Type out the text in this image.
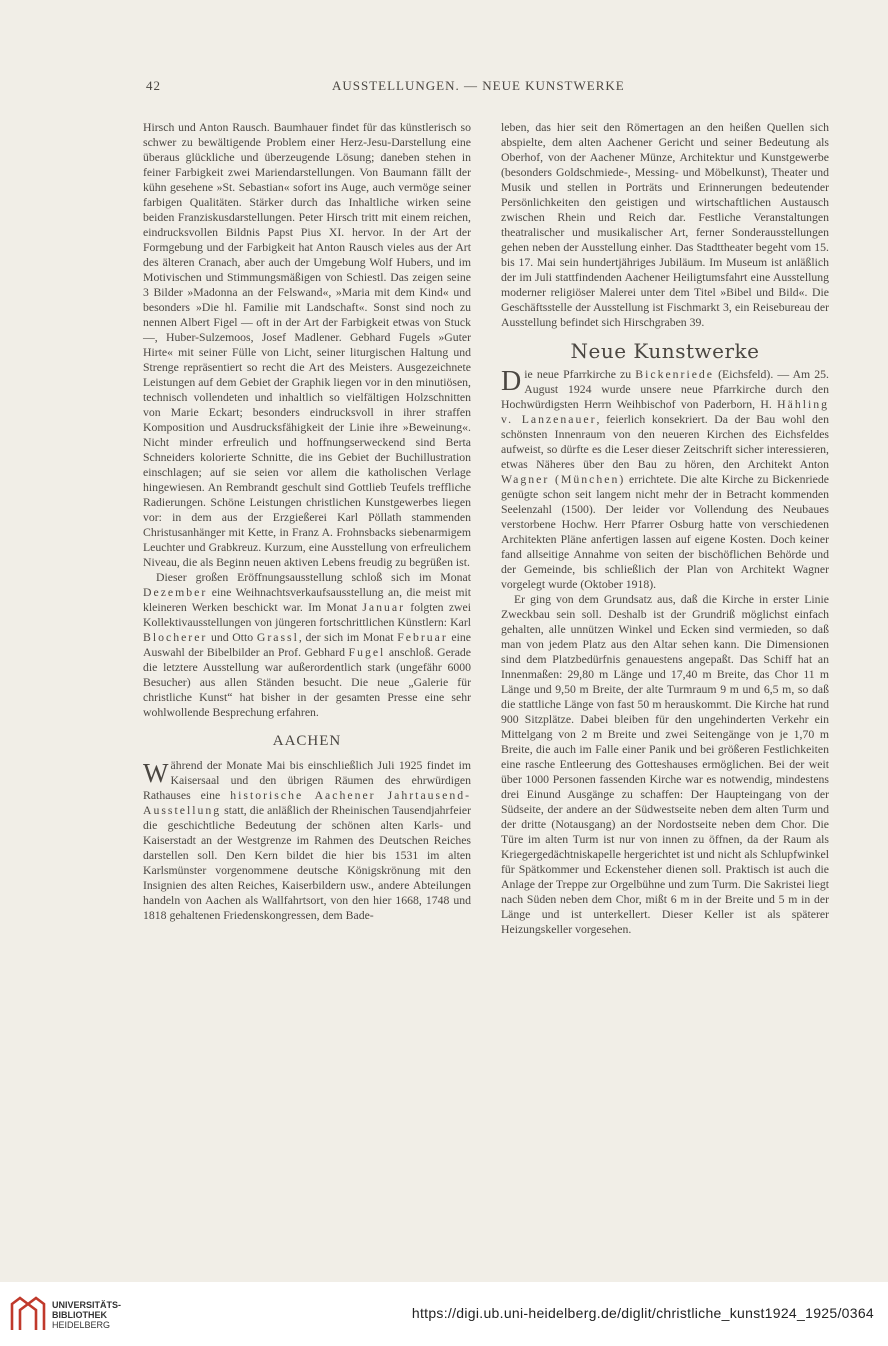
42	AUSSTELLUNGEN. — NEUE KUNSTWERKE

Hirsch und Anton Rausch. Baumhauer findet für das künstlerisch so schwer zu bewältigende Problem einer Herz-Jesu-Darstellung eine überaus glückliche und überzeugende Lösung; daneben stehen in feiner Farbigkeit zwei Mariendarstellungen. Von Baumann fällt der kühn gesehene »St. Sebastian« sofort ins Auge, auch vermöge seiner farbigen Qualitäten. Stärker durch das Inhaltliche wirken seine beiden Franziskusdarstellungen. Peter Hirsch tritt mit einem reichen, eindrucksvollen Bildnis Papst Pius XI. hervor. In der Art der Formgebung und der Farbigkeit hat Anton Rausch vieles aus der Art des älteren Cranach, aber auch der Umgebung Wolf Hubers, und im Motivischen und Stimmungsmäßigen von Schiestl. Das zeigen seine 3 Bilder »Madonna an der Felswand«, »Maria mit dem Kind« und besonders »Die hl. Familie mit Landschaft«. Sonst sind noch zu nennen Albert Figel — oft in der Art der Farbigkeit etwas von Stuck —, Huber-Sulzemoos, Josef Madlener. Gebhard Fugels »Guter Hirte« mit seiner Fülle von Licht, seiner liturgischen Haltung und Strenge repräsentiert so recht die Art des Meisters. Ausgezeichnete Leistungen auf dem Gebiet der Graphik liegen vor in den minutiösen, technisch vollendeten und inhaltlich so vielfältigen Holzschnitten von Marie Eckart; besonders eindrucksvoll in ihrer straffen Komposition und Ausdrucksfähigkeit der Linie ihre »Beweinung«. Nicht minder erfreulich und hoffnungserweckend sind Berta Schneiders kolorierte Schnitte, die ins Gebiet der Buchillustration einschlagen; auf sie seien vor allem die katholischen Verlage hingewiesen. An Rembrandt geschult sind Gottlieb Teufels treffliche Radierungen. Schöne Leistungen christlichen Kunstgewerbes liegen vor: in dem aus der Erzgießerei Karl Pöllath stammenden Christusanhänger mit Kette, in Franz A. Frohnsbacks siebenarmigem Leuchter und Grabkreuz. Kurzum, eine Ausstellung von erfreulichem Niveau, die als Beginn neuen aktiven Lebens freudig zu begrüßen ist.

Dieser großen Eröffnungsausstellung schloß sich im Monat Dezember eine Weihnachtsverkaufsausstellung an, die meist mit kleineren Werken beschickt war. Im Monat Januar folgten zwei Kollektivausstellungen von jüngeren fortschrittlichen Künstlern: Karl Blocherer und Otto Grassl, der sich im Monat Februar eine Auswahl der Bibelbilder an Prof. Gebhard Fugel anschloß. Gerade die letztere Ausstellung war außerordentlich stark (ungefähr 6000 Besucher) aus allen Ständen besucht. Die neue „Galerie für christliche Kunst“ hat bisher in der gesamten Presse eine sehr wohlwollende Besprechung erfahren.

AACHEN

Während der Monate Mai bis einschließlich Juli 1925 findet im Kaisersaal und den übrigen Räumen des ehrwürdigen Rathauses eine historische Aachener Jahrtausend-Ausstellung statt, die anläßlich der Rheinischen Tausendjahrfeier die geschichtliche Bedeutung der schönen alten Karls- und Kaiserstadt an der Westgrenze im Rahmen des Deutschen Reiches darstellen soll. Den Kern bildet die hier bis 1531 im alten Karlsmünster vorgenommene deutsche Königskrönung mit den Insignien des alten Reiches, Kaiserbildern usw., andere Abteilungen handeln von Aachen als Wallfahrtsort, von den hier 1668, 1748 und 1818 gehaltenen Friedenskongressen, dem Bade-

leben, das hier seit den Römertagen an den heißen Quellen sich abspielte, dem alten Aachener Gericht und seiner Bedeutung als Oberhof, von der Aachener Münze, Architektur und Kunstgewerbe (besonders Goldschmiede-, Messing- und Möbelkunst), Theater und Musik und stellen in Porträts und Erinnerungen bedeutender Persönlichkeiten den geistigen und wirtschaftlichen Austausch zwischen Rhein und Reich dar. Festliche Veranstaltungen theatralischer und musikalischer Art, ferner Sonderausstellungen gehen neben der Ausstellung einher. Das Stadttheater begeht vom 15. bis 17. Mai sein hundertjähriges Jubiläum. Im Museum ist anläßlich der im Juli stattfindenden Aachener Heiligtumsfahrt eine Ausstellung moderner religiöser Malerei unter dem Titel »Bibel und Bild«. Die Geschäftsstelle der Ausstellung ist Fischmarkt 3, ein Reisebureau der Ausstellung befindet sich Hirschgraben 39.

Neue Kunstwerke

Die neue Pfarrkirche zu Bickenriede (Eichsfeld). — Am 25. August 1924 wurde unsere neue Pfarrkirche durch den Hochwürdigsten Herrn Weihbischof von Paderborn, H. Hähling v. Lanzenauer, feierlich konsekriert. Da der Bau wohl den schönsten Innenraum von den neueren Kirchen des Eichsfeldes aufweist, so dürfte es die Leser dieser Zeitschrift sicher interessieren, etwas Näheres über den Bau zu hören, den Architekt Anton Wagner (München) errichtete. Die alte Kirche zu Bickenriede genügte schon seit langem nicht mehr der in Betracht kommenden Seelenzahl (1500). Der leider vor Vollendung des Neubaues verstorbene Hochw. Herr Pfarrer Osburg hatte von verschiedenen Architekten Pläne anfertigen lassen auf eigene Kosten. Doch keiner fand allseitige Annahme von seiten der bischöflichen Behörde und der Gemeinde, bis schließlich der Plan von Architekt Wagner vorgelegt wurde (Oktober 1918).

Er ging von dem Grundsatz aus, daß die Kirche in erster Linie Zweckbau sein soll. Deshalb ist der Grundriß möglichst einfach gehalten, alle unnützen Winkel und Ecken sind vermieden, so daß man von jedem Platz aus den Altar sehen kann. Die Dimensionen sind dem Platzbedürfnis genauestens angepaßt. Das Schiff hat an Innenmaßen: 29,80 m Länge und 17,40 m Breite, das Chor 11 m Länge und 9,50 m Breite, der alte Turmraum 9 m und 6,5 m, so daß die stattliche Länge von fast 50 m herauskommt. Die Kirche hat rund 900 Sitzplätze. Dabei bleiben für den ungehinderten Verkehr ein Mittelgang von 2 m Breite und zwei Seitengänge von je 1,70 m Breite, die auch im Falle einer Panik und bei größeren Festlichkeiten eine rasche Entleerung des Gotteshauses ermöglichen. Bei der weit über 1000 Personen fassenden Kirche war es notwendig, mindestens drei Einund Ausgänge zu schaffen: Der Haupteingang von der Südseite, der andere an der Südwestseite neben dem alten Turm und der dritte (Notausgang) an der Nordostseite neben dem Chor. Die Türe im alten Turm ist nur von innen zu öffnen, da der Raum als Kriegergedächtniskapelle hergerichtet ist und nicht als Schlupfwinkel für Spätkommer und Eckensteher dienen soll. Praktisch ist auch die Anlage der Treppe zur Orgelbühne und zum Turm. Die Sakristei liegt nach Süden neben dem Chor, mißt 6 m in der Breite und 5 m in der Länge und ist unterkellert. Dieser Keller ist als späterer Heizungskeller vorgesehen.

UNIVERSITÄTS-
BIBLIOTHEK
HEIDELBERG
https://digi.ub.uni-heidelberg.de/diglit/christliche_kunst1924_1925/0364
